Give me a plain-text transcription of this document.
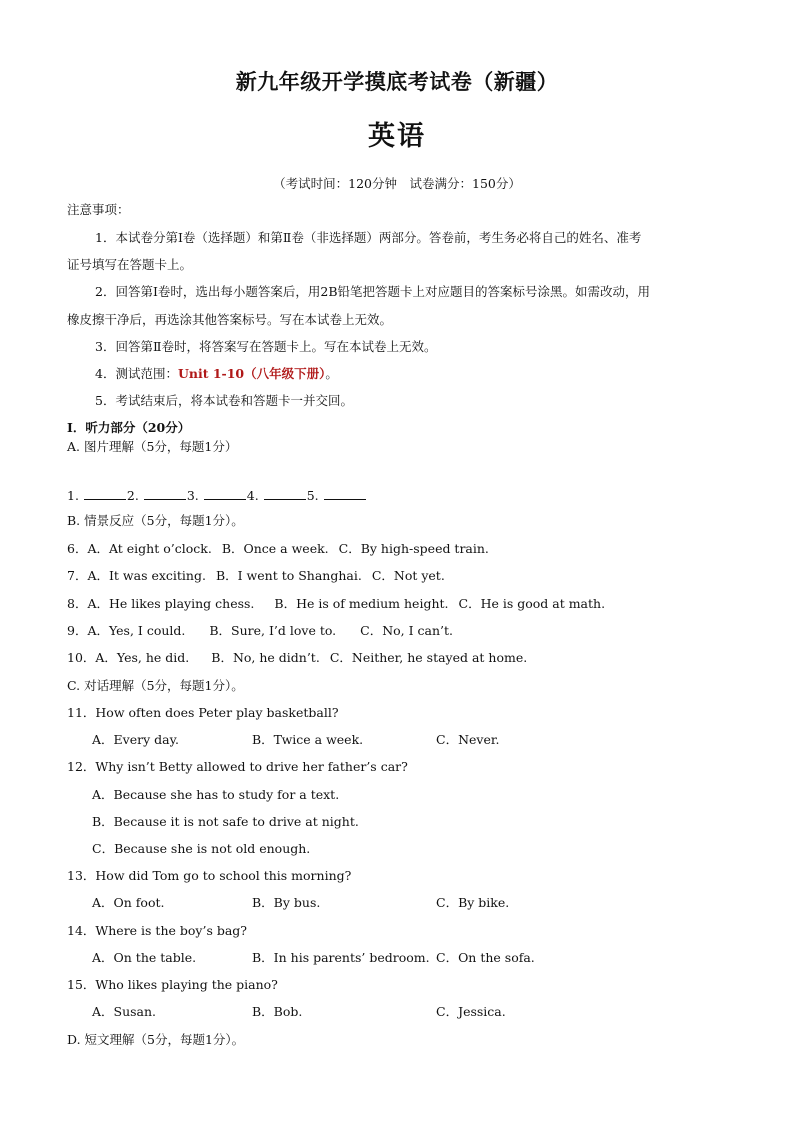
新九年级开学摸底考试卷（新疆）
英语
（考试时间：120分钟　试卷满分：150分）
注意事项：
1．本试卷分第Ⅰ卷（选择题）和第Ⅱ卷（非选择题）两部分。答卷前，考生务必将自己的姓名、准考
证号填写在答题卡上。
2．回答第Ⅰ卷时，选出每小题答案后，用2B铅笔把答题卡上对应题目的答案标号涂黑。如需改动，用
橡皮擦干净后，再选涂其他答案标号。写在本试卷上无效。
3．回答第Ⅱ卷时，将答案写在答题卡上。写在本试卷上无效。
4．测试范围：Unit 1-10（八年级下册）。
5．考试结束后，将本试卷和答题卡一并交回。
Ⅰ．听力部分（20分）
A. 图片理解（5分，每题1分）
1.	2.	3.	4.	5.
B. 情景反应（5分，每题1分）。
6．A．At eight o’clock. B．Once a week. C．By high-speed train.
7．A．It was exciting. B．I went to Shanghai. C．Not yet.
8．A．He likes playing chess. B．He is of medium height. C．He is good at math.
9．A．Yes, I could. B．Sure, I’d love to. C．No, I can’t.
10．A．Yes, he did. B．No, he didn’t. C．Neither, he stayed at home.
C. 对话理解（5分，每题1分）。
11．How often does Peter play basketball?
A．Every day.	B．Twice a week.	C．Never.
12．Why isn’t Betty allowed to drive her father’s car?
A．Because she has to study for a text.
B．Because it is not safe to drive at night.
C．Because she is not old enough.
13．How did Tom go to school this morning?
A．On foot.	B．By bus.	C．By bike.
14．Where is the boy’s bag?
A．On the table.	B．In his parents’ bedroom. C．On the sofa.
15．Who likes playing the piano?
A．Susan.	B．Bob.	C．Jessica.
D. 短文理解（5分，每题1分）。
